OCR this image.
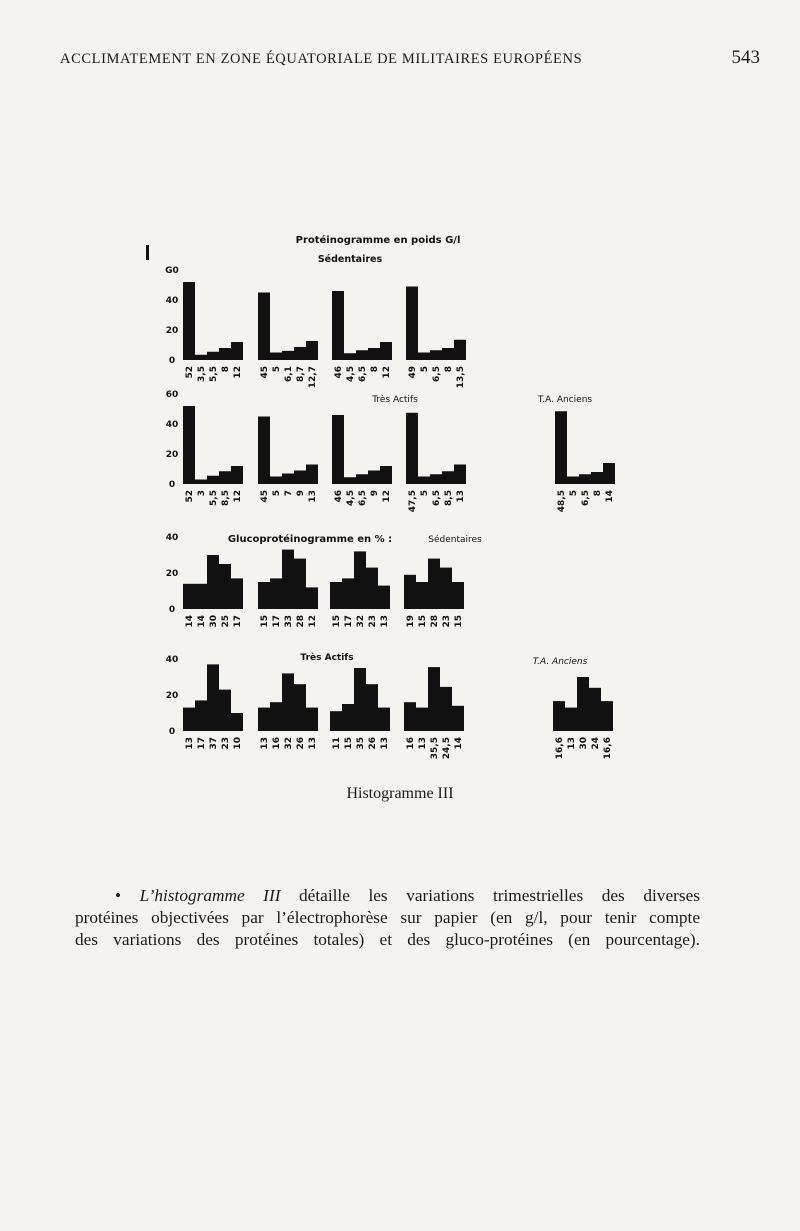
ACCLIMATEMENT EN ZONE ÉQUATORIALE DE MILITAIRES EUROPÉENS	543
Protéinogramme en poids G/l
Sédentaires
Très Actifs	T.A. Anciens
Glucoprotéinogramme en % :	Sédentaires
Très Actifs	T.A. Anciens
0
20
40
G0
52 3,5 5,5 8 12 45 5 6,1 8,7 12,7 46 4,5 6,5 8 12 49 5 6,5 8 13,5
0
20
40
60
52 3 5,5 8,5 12 45 5 7 9 13 46 4,5 6,5 9 12 47,5 5 6,5 8,5 13	48,5 5 6,5 8 14
0
20
40
14 14 30 25 17 15 17 33 28 12 15 17 32 23 13 19 15 28 23 15
0
20
40
13 17 37 23 10 13 16 32 26 13 11 15 35 26 13 16 13 35,5 24,5 14	16,6 13 30 24 16,6
Histogramme III
• L’histogramme III détaille les variations trimestrielles des diverses
protéines objectivées par l’électrophorèse sur papier (en g/l, pour tenir compte
des variations des protéines totales) et des gluco-protéines (en pourcentage).
